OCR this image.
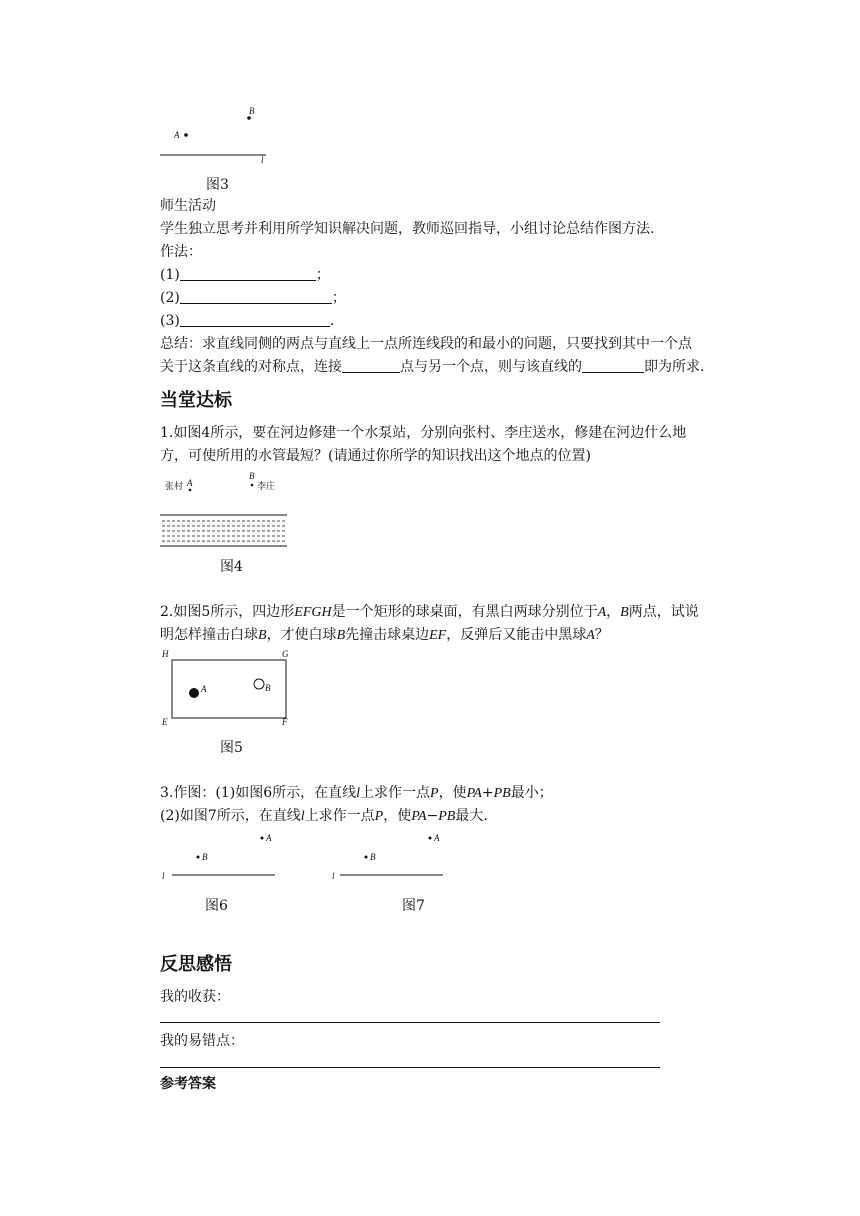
B
A
l
图3
师生活动
学生独立思考并利用所学知识解决问题，教师巡回指导，小组讨论总结作图方法.
作法：
(1)	；
(2)	；
(3)	.
总结：求直线同侧的两点与直线上一点所连线段的和最小的问题，只要找到其中一个点
关于这条直线的对称点，连接	点与另一个点，则与该直线的	即为所求.
当堂达标
1.如图4所示，要在河边修建一个水泵站，分别向张村、李庄送水，修建在河边什么地
方，可使所用的水管最短？(请通过你所学的知识找出这个地点的位置)
张村 A
B
李庄
图4
2.如图5所示，四边形EFGH是一个矩形的球桌面，有黑白两球分别位于A，B两点，试说
明怎样撞击白球B，才使白球B先撞击球桌边EF，反弹后又能击中黑球A？
H	G
E	F
A	B
图5
3.作图：(1)如图6所示，在直线l上求作一点P，使PA+PB最小；
(2)如图7所示，在直线l上求作一点P，使PA−PB最大.
A
B
l
图6
A
B
l
图7
反思感悟
我的收获：
我的易错点：
参考答案
